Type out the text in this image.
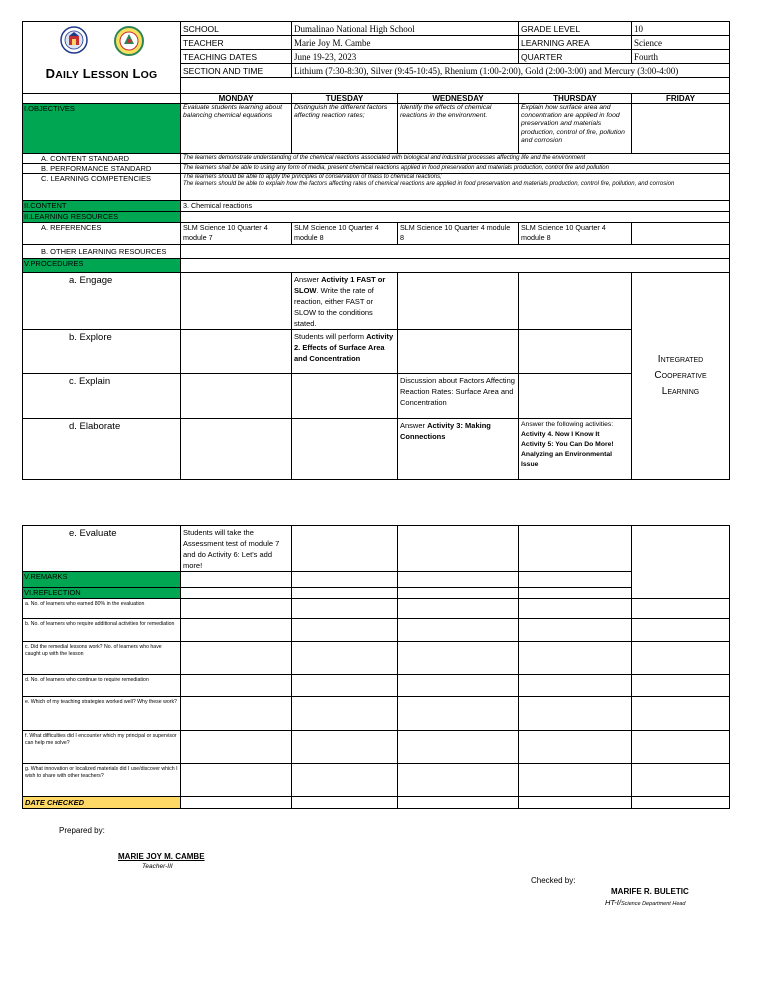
DAILY LESSON LOG	SCHOOL	Dumalinao National High School		GRADE LEVEL	10
	TEACHER	Marie Joy M. Cambe		LEARNING AREA	Science
	TEACHING DATES	June 19-23, 2023		QUARTER	Fourth
	SECTION AND TIME	Lithium (7:30-8:30), Silver (9:45-10:45), Rhenium (1:00-2:00), Gold (2:00-3:00) and Mercury (3:00-4:00)			

	MONDAY	TUESDAY	WEDNESDAY	THURSDAY	FRIDAY
I.OBJECTIVES	Evaluate students learning about balancing chemical equations	Distinguish the different factors affecting reaction rates;	Identify the effects of chemical reactions in the environment.	Explain how surface area and concentration are applied in food preservation and materials production, control of fire, pollution and corrosion	
A. CONTENT STANDARD	The learners demonstrate understanding of the chemical reactions associated with biological and industrial processes affecting life and the environment				
B. PERFORMANCE STANDARD	The learners shall be able to using any form of media, present chemical reactions applied in food preservation and materials production, control fire and pollution				
C. LEARNING COMPETENCIES	The learners should be able to apply the principles of conservation of mass to chemical reactions;
The learners should be able to explain how the factors affecting rates of chemical reactions are applied in food preservation and materials production, control fire, pollution, and corrosion				

II.CONTENT	3. Chemical reactions				
II.LEARNING RESOURCES					
A. REFERENCES	SLM Science 10 Quarter 4 module 7	SLM Science 10 Quarter 4 module 8	SLM Science 10 Quarter 4 module 8	SLM Science 10 Quarter 4 module 8	
B. OTHER LEARNING RESOURCES					
V.PROCEDURES					
a. Engage		Answer Activity 1 FAST or SLOW. Write the rate of reaction, either FAST or SLOW to the conditions stated.			Integrated
Cooperative
Learning

b. Explore		Students will perform Activity 2. Effects of Surface Area and Concentration			
c. Explain			Discussion about Factors Affecting Reaction Rates: Surface Area and Concentration		
d. Elaborate			Answer Activity 3: Making Connections	Answer the following activities:
Activity 4. Now I Know It
Activity 5: You Can Do More!
Analyzing an Environmental Issue	
e. Evaluate	Students will take the Assessment test of module 7 and do Activity 6: Let's add more!				
V.REMARKS					
VI.REFLECTION					
a. No. of learners who earned 80% in the evaluation					
b. No. of learners who require additional activities for remediation					
c. Did the remedial lessons work? No. of learners who have caught up with the lesson					
d. No. of learners who continue to require remediation					
e. Which of my teaching strategies worked well? Why these work?					
f. What difficulties did I encounter which my principal or supervisor can help me solve?					
g. What innovation or localized materials did I use/discover which I wish to share with other teachers?					
DATE CHECKED					
Prepared by:
MARIE JOY M. CAMBE
Teacher-III
Checked by:
MARIFE R. BULETIC
HT-I/Science Department Head
